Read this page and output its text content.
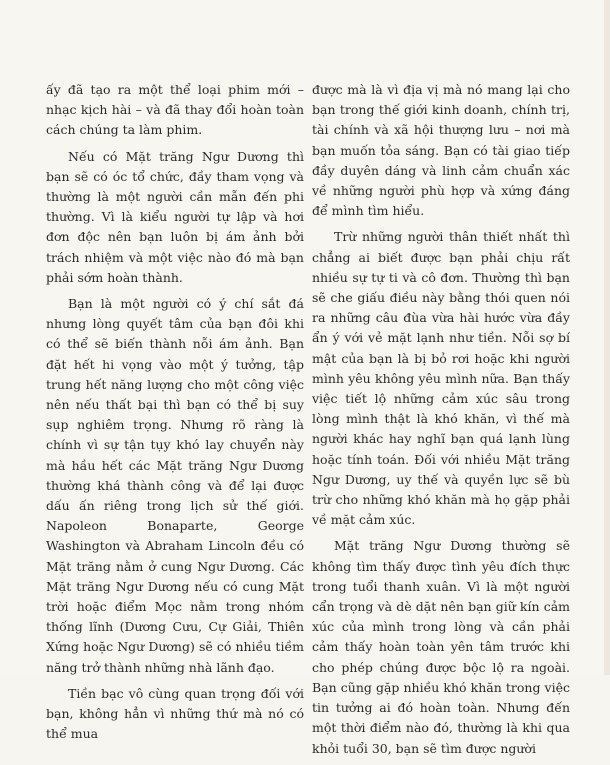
ấy đã tạo ra một thể loại phim mới – nhạc kịch hài – và đã thay đổi hoàn toàn cách chúng ta làm phim.

Nếu có Mặt trăng Ngư Dương thì bạn sẽ có óc tổ chức, đầy tham vọng và thường là một người cần mẫn đến phi thường. Vì là kiểu người tự lập và hơi đơn độc nên bạn luôn bị ám ảnh bởi trách nhiệm và một việc nào đó mà bạn phải sớm hoàn thành.

Bạn là một người có ý chí sắt đá nhưng lòng quyết tâm của bạn đôi khi có thể sẽ biến thành nỗi ám ảnh. Bạn đặt hết hi vọng vào một ý tưởng, tập trung hết năng lượng cho một công việc nên nếu thất bại thì bạn có thể bị suy sụp nghiêm trọng. Nhưng rõ ràng là chính vì sự tận tụy khó lay chuyển này mà hầu hết các Mặt trăng Ngư Dương thường khá thành công và để lại được dấu ấn riêng trong lịch sử thế giới. Napoleon Bonaparte, George Washington và Abraham Lincoln đều có Mặt trăng nằm ở cung Ngư Dương. Các Mặt trăng Ngư Dương nếu có cung Mặt trời hoặc điểm Mọc nằm trong nhóm thống lĩnh (Dương Cưu, Cự Giải, Thiên Xứng hoặc Ngư Dương) sẽ có nhiều tiềm năng trở thành những nhà lãnh đạo.

Tiền bạc vô cùng quan trọng đối với bạn, không hẳn vì những thứ mà nó có thể mua

được mà là vì địa vị mà nó mang lại cho bạn trong thế giới kinh doanh, chính trị, tài chính và xã hội thượng lưu – nơi mà bạn muốn tỏa sáng. Bạn có tài giao tiếp đầy duyên dáng và linh cảm chuẩn xác về những người phù hợp và xứng đáng để mình tìm hiểu.

Trừ những người thân thiết nhất thì chẳng ai biết được bạn phải chịu rất nhiều sự tự ti và cô đơn. Thường thì bạn sẽ che giấu điều này bằng thói quen nói ra những câu đùa vừa hài hước vừa đầy ẩn ý với vẻ mặt lạnh như tiền. Nỗi sợ bí mật của bạn là bị bỏ rơi hoặc khi người mình yêu không yêu mình nữa. Bạn thấy việc tiết lộ những cảm xúc sâu trong lòng mình thật là khó khăn, vì thế mà người khác hay nghĩ bạn quá lạnh lùng hoặc tính toán. Đối với nhiều Mặt trăng Ngư Dương, uy thế và quyền lực sẽ bù trừ cho những khó khăn mà họ gặp phải về mặt cảm xúc.

Mặt trăng Ngư Dương thường sẽ không tìm thấy được tình yêu đích thực trong tuổi thanh xuân. Vì là một người cẩn trọng và dè dặt nên bạn giữ kín cảm xúc của mình trong lòng và cần phải cảm thấy hoàn toàn yên tâm trước khi cho phép chúng được bộc lộ ra ngoài. Bạn cũng gặp nhiều khó khăn trong việc tin tưởng ai đó hoàn toàn. Nhưng đến một thời điểm nào đó, thường là khi qua khỏi tuổi 30, bạn sẽ tìm được người
